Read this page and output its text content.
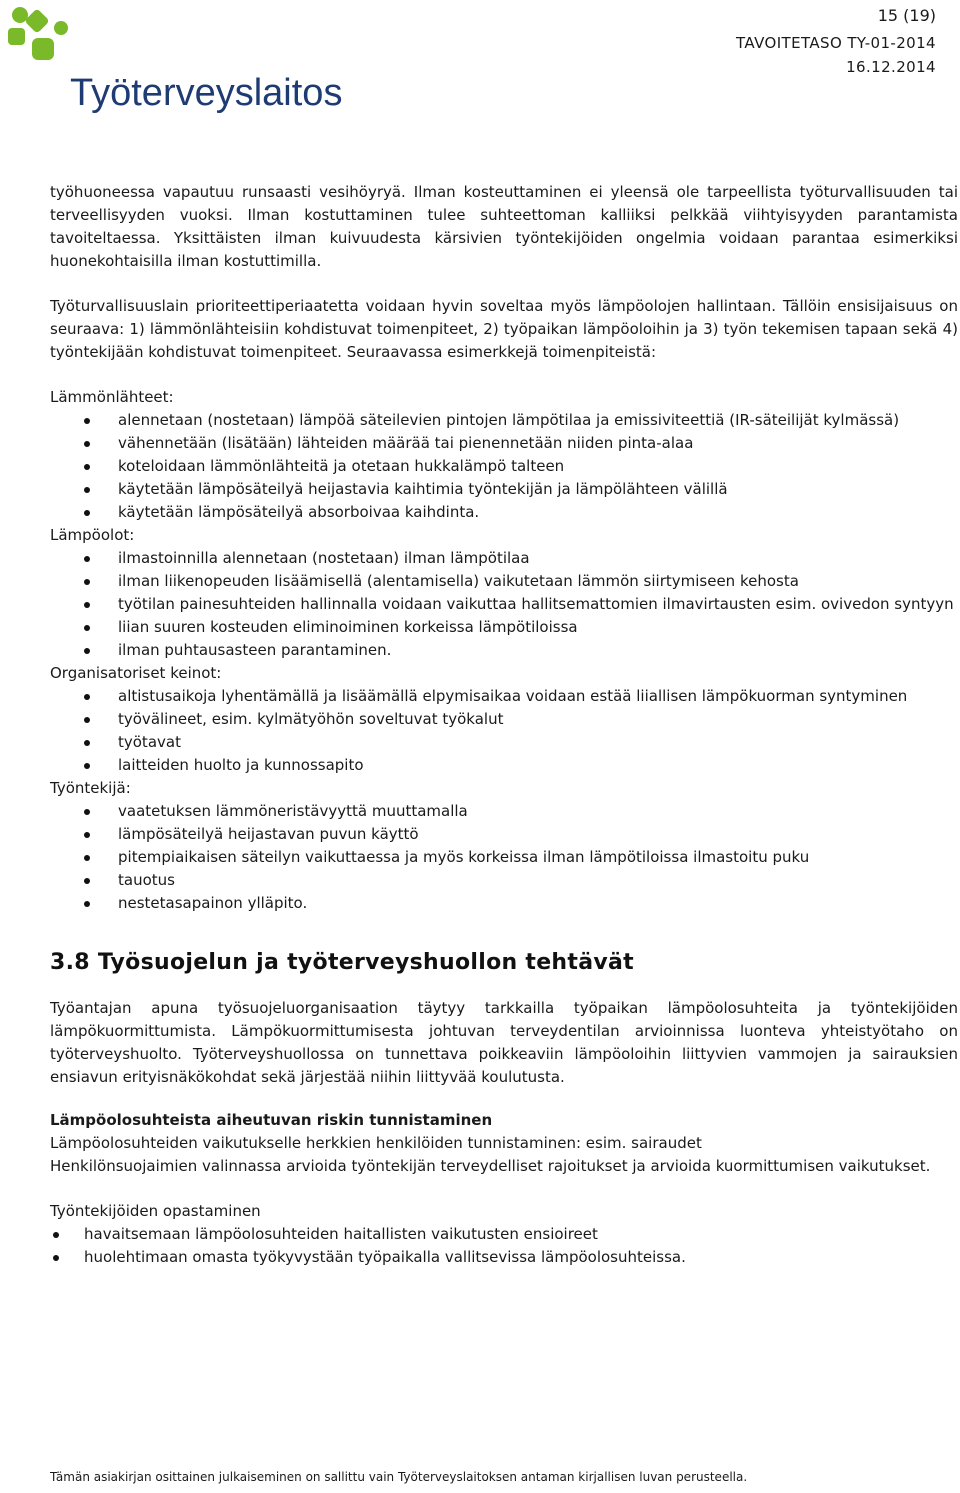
Työterveyslaitos
15 (19)
TAVOITETASO TY-01-2014
16.12.2014

työhuoneessa vapautuu runsaasti vesihöyryä. Ilman kosteuttaminen ei yleensä ole tarpeellista työturvallisuuden tai terveellisyyden vuoksi. Ilman kostuttaminen tulee suhteettoman kalliiksi pelkkää viihtyisyyden parantamista tavoiteltaessa. Yksittäisten ilman kuivuudesta kärsivien työntekijöiden ongelmia voidaan parantaa esimerkiksi huonekohtaisilla ilman kostuttimilla.

Työturvallisuuslain prioriteettiperiaatetta voidaan hyvin soveltaa myös lämpöolojen hallintaan. Tällöin ensisijaisuus on seuraava: 1) lämmönlähteisiin kohdistuvat toimenpiteet, 2) työpaikan lämpöoloihin ja 3) työn tekemisen tapaan sekä 4) työntekijään kohdistuvat toimenpiteet. Seuraavassa esimerkkejä toimenpiteistä:

Lämmönlähteet:

alennetaan (nostetaan) lämpöä säteilevien pintojen lämpötilaa ja emissiviteettiä (IR-säteilijät kylmässä)
vähennetään (lisätään) lähteiden määrää tai pienennetään niiden pinta-alaa
koteloidaan lämmönlähteitä ja otetaan hukkalämpö talteen
käytetään lämpösäteilyä heijastavia kaihtimia työntekijän ja lämpölähteen välillä
käytetään lämpösäteilyä absorboivaa kaihdinta.

Lämpöolot:

ilmastoinnilla alennetaan (nostetaan) ilman lämpötilaa
ilman liikenopeuden lisäämisellä (alentamisella) vaikutetaan lämmön siirtymiseen kehosta
työtilan painesuhteiden hallinnalla voidaan vaikuttaa hallitsemattomien ilmavirtausten esim. ovivedon syntyyn
liian suuren kosteuden eliminoiminen korkeissa lämpötiloissa
ilman puhtausasteen parantaminen.

Organisatoriset keinot:

altistusaikoja lyhentämällä ja lisäämällä elpymisaikaa voidaan estää liiallisen lämpökuorman syntyminen
työvälineet, esim. kylmätyöhön soveltuvat työkalut
työtavat
laitteiden huolto ja kunnossapito

Työntekijä:

vaatetuksen lämmöneristävyyttä muuttamalla
lämpösäteilyä heijastavan puvun käyttö
pitempiaikaisen säteilyn vaikuttaessa ja myös korkeissa ilman lämpötiloissa ilmastoitu puku
tauotus
nestetasapainon ylläpito.
3.8 Työsuojelun ja työterveyshuollon tehtävät

Työantajan apuna työsuojeluorganisaation täytyy tarkkailla työpaikan lämpöolosuhteita ja työntekijöiden lämpökuormittumista. Lämpökuormittumisesta johtuvan terveydentilan arvioinnissa luonteva yhteistyötaho on työterveyshuolto. Työterveyshuollossa on tunnettava poikkeaviin lämpöoloihin liittyvien vammojen ja sairauksien ensiavun erityisnäkökohdat sekä järjestää niihin liittyvää koulutusta.

Lämpöolosuhteista aiheutuvan riskin tunnistaminen

Lämpöolosuhteiden vaikutukselle herkkien henkilöiden tunnistaminen: esim. sairaudet

Henkilönsuojaimien valinnassa arvioida työntekijän terveydelliset rajoitukset ja arvioida kuormittumisen vaikutukset.

Työntekijöiden opastaminen

havaitsemaan lämpöolosuhteiden haitallisten vaikutusten ensioireet
huolehtimaan omasta työkyvystään työpaikalla vallitsevissa lämpöolosuhteissa.
Tämän asiakirjan osittainen julkaiseminen on sallittu vain Työterveyslaitoksen antaman kirjallisen luvan perusteella.
